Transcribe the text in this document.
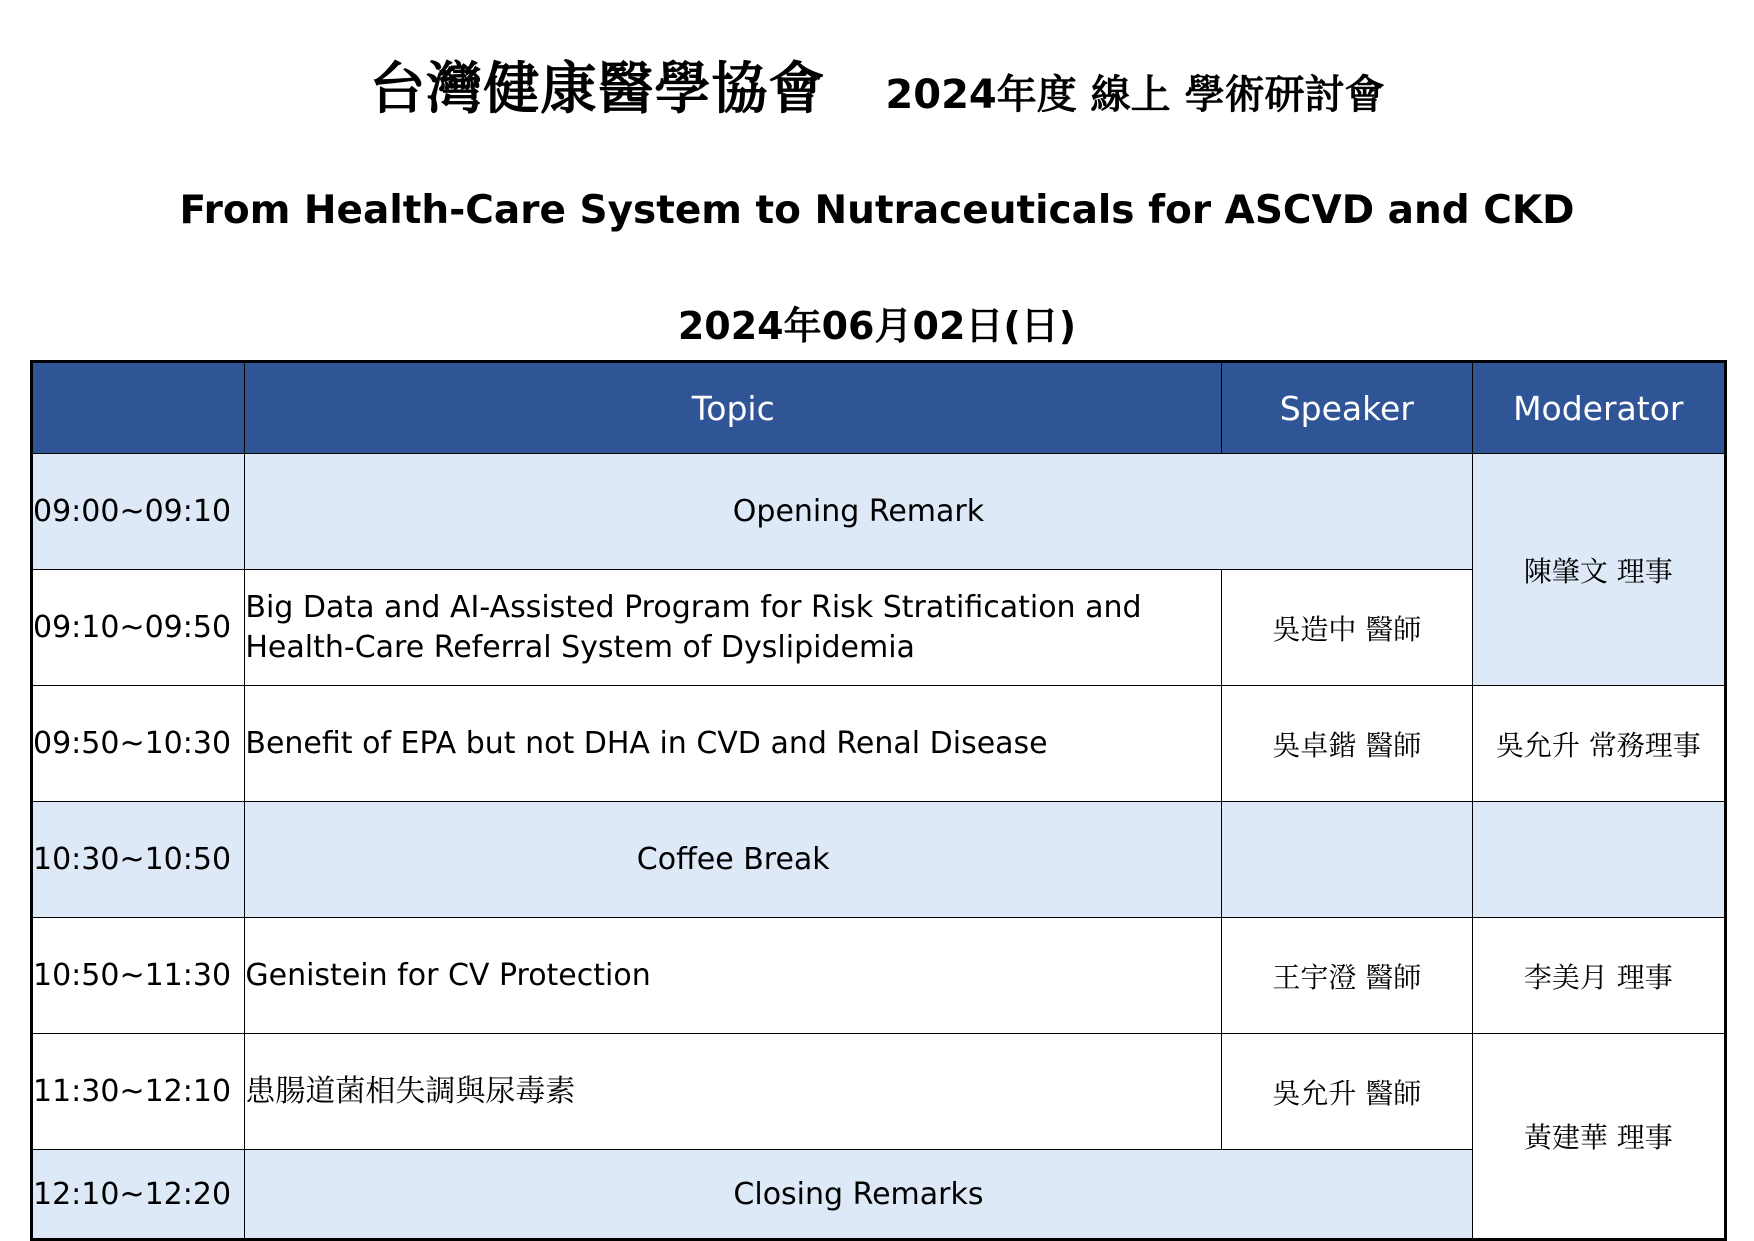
台灣健康醫學協會 2024年度 線上 學術研討會
From Health-Care System to Nutraceuticals for ASCVD and CKD
2024年06月02日(日)
	Topic	Speaker	Moderator
09:00~09:10	Opening Remark		陳肇文 理事
09:10~09:50	Big Data and AI-Assisted Program for Risk Stratification and
Health-Care Referral System of Dyslipidemia	吳造中 醫師	
09:50~10:30	Benefit of EPA but not DHA in CVD and Renal Disease	吳卓鍇 醫師	吳允升 常務理事
10:30~10:50	Coffee Break		
10:50~11:30	Genistein for CV Protection	王宇澄 醫師	李美月 理事
11:30~12:10	患腸道菌相失調與尿毒素	吳允升 醫師	黃建華 理事
12:10~12:20	Closing Remarks		
